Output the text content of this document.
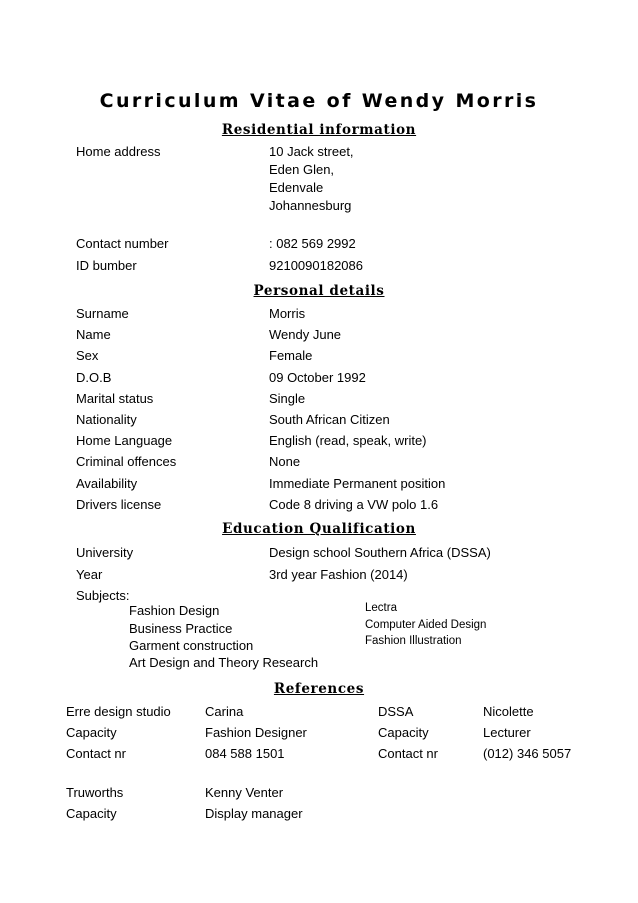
Curriculum Vitae of Wendy Morris
Residential information
Home address	10 Jack street,
Eden Glen,
Edenvale
Johannesburg
Contact number	: 082 569 2992
ID bumber	9210090182086
Personal details
Surname	Morris
Name	Wendy June
Sex	Female
D.O.B	09 October 1992
Marital status	Single
Nationality	South African Citizen
Home Language	English (read, speak, write)
Criminal offences	None
Availability	Immediate Permanent position
Drivers license	Code 8 driving a VW polo 1.6
Education Qualification
University	Design school Southern Africa (DSSA)
Year	3rd year Fashion (2014)
Subjects:
Fashion Design
Business Practice
Garment construction
Art Design and Theory Research
Lectra
Computer Aided Design
Fashion Illustration
References
Erre design studio	Carina	DSSA	Nicolette
Capacity	Fashion Designer	Capacity	Lecturer
Contact nr	084 588 1501	Contact nr	(012) 346 5057
Truworths	Kenny Venter
Capacity	Display manager
